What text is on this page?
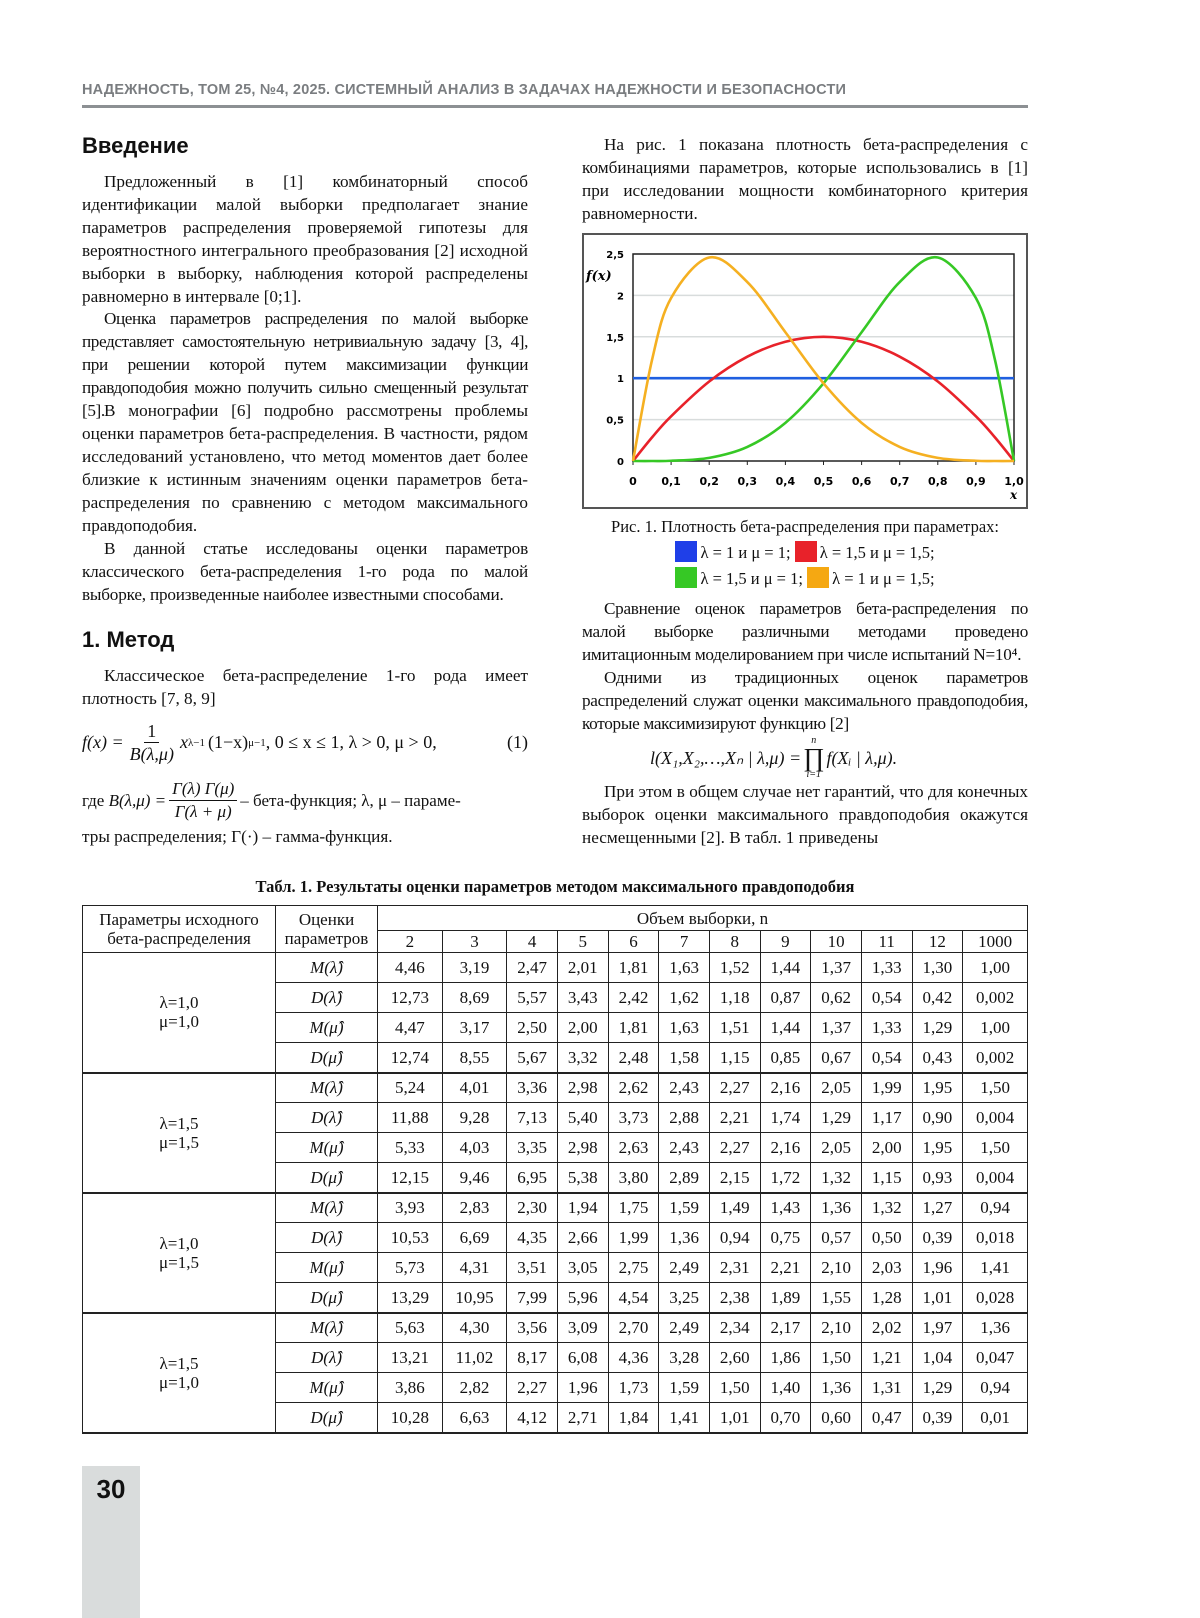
НАДЕЖНОСТЬ, ТОМ 25, №4, 2025. СИСТЕМНЫЙ АНАЛИЗ В ЗАДАЧАХ НАДЕЖНОСТИ И БЕЗОПАСНОСТИ
Введение

Предложенный в [1] комбинаторный способ идентификации малой выборки предполагает знание параметров распределения проверяемой гипотезы для вероятностного интегрального преобразования [2] исходной выборки в выборку, наблюдения которой распределены равномерно в интервале [0;1].

Оценка параметров распределения по малой выборке представляет самостоятельную нетривиальную задачу [3, 4], при решении которой путем максимизации функции правдоподобия можно получить сильно смещенный результат [5]. В монографии [6] подробно рассмотрены проблемы оценки параметров бета-распределения. В частности, рядом исследований установлено, что метод моментов дает более близкие к истинным значениям оценки параметров бета-распределения по сравнению с методом максимального правдоподобия.

В данной статье исследованы оценки параметров классического бета-распределения 1-го рода по малой выборке, произведенные наиболее известными способами.

1. Метод

Классическое бета-распределение 1-го рода имеет плотность [7, 8, 9]

f(x) =
1
B(λ,μ)
x λ−1 (1−x) μ−1 , 0 ≤ x ≤ 1, λ > 0, μ > 0,	(1)
где
B(λ,μ) =
Γ(λ) Γ(μ)
Γ(λ + μ)
– бета-функция; λ, μ – параме-

тры распределения; Γ(·) – гамма-функция.

На рис. 1 показана плотность бета-распределения с комбинациями параметров, которые использовались в [1] при исследовании мощности комбинаторного критерия равномерности.

0
0,5
1
1,5
2
2,5
0 0,1 0,2 0,3 0,4 0,5 0,6 0,7 0,8 0,9 1,0
f(x)
x
Рис. 1. Плотность бета-распределения при параметрах:
λ = 1 и μ = 1; λ = 1,5 и μ = 1,5;
λ = 1,5 и μ = 1; λ = 1 и μ = 1,5;

Сравнение оценок параметров бета-распределения по малой выборке различными методами проведено имитационным моделированием при числе испытаний N=10⁴.

Одними из традиционных оценок параметров распределений служат оценки максимального правдоподобия, которые максимизируют функцию [2]

l(X₁,X₂,…,Xₙ | λ,μ) =
n
∏
i=1
f(Xᵢ | λ,μ).

При этом в общем случае нет гарантий, что для конечных выборок оценки максимального правдоподобия окажутся несмещенными [2]. В табл. 1 приведены

Табл. 1. Результаты оценки параметров методом максимального правдоподобия
Параметры исходного бета-распределения	Оценки параметров	Объем выборки, n
2	3	4	5	6	7	8	9	10	11	12	1000

λ=1,0
μ=1,0
	M(λ̂)	4,46	3,19	2,47	2,01	1,81	1,63	1,52	1,44	1,37	1,33	1,30	1,00
D(λ̂)	12,73	8,69	5,57	3,43	2,42	1,62	1,18	0,87	0,62	0,54	0,42	0,002
M(μ̂)	4,47	3,17	2,50	2,00	1,81	1,63	1,51	1,44	1,37	1,33	1,29	1,00
D(μ̂)	12,74	8,55	5,67	3,32	2,48	1,58	1,15	0,85	0,67	0,54	0,43	0,002

λ=1,5
μ=1,5
	M(λ̂)	5,24	4,01	3,36	2,98	2,62	2,43	2,27	2,16	2,05	1,99	1,95	1,50
D(λ̂)	11,88	9,28	7,13	5,40	3,73	2,88	2,21	1,74	1,29	1,17	0,90	0,004
M(μ̂)	5,33	4,03	3,35	2,98	2,63	2,43	2,27	2,16	2,05	2,00	1,95	1,50
D(μ̂)	12,15	9,46	6,95	5,38	3,80	2,89	2,15	1,72	1,32	1,15	0,93	0,004

λ=1,0
μ=1,5
	M(λ̂)	3,93	2,83	2,30	1,94	1,75	1,59	1,49	1,43	1,36	1,32	1,27	0,94
D(λ̂)	10,53	6,69	4,35	2,66	1,99	1,36	0,94	0,75	0,57	0,50	0,39	0,018
M(μ̂)	5,73	4,31	3,51	3,05	2,75	2,49	2,31	2,21	2,10	2,03	1,96	1,41
D(μ̂)	13,29	10,95	7,99	5,96	4,54	3,25	2,38	1,89	1,55	1,28	1,01	0,028

λ=1,5
μ=1,0
	M(λ̂)	5,63	4,30	3,56	3,09	2,70	2,49	2,34	2,17	2,10	2,02	1,97	1,36
D(λ̂)	13,21	11,02	8,17	6,08	4,36	3,28	2,60	1,86	1,50	1,21	1,04	0,047
M(μ̂)	3,86	2,82	2,27	1,96	1,73	1,59	1,50	1,40	1,36	1,31	1,29	0,94
D(μ̂)	10,28	6,63	4,12	2,71	1,84	1,41	1,01	0,70	0,60	0,47	0,39	0,01
30
